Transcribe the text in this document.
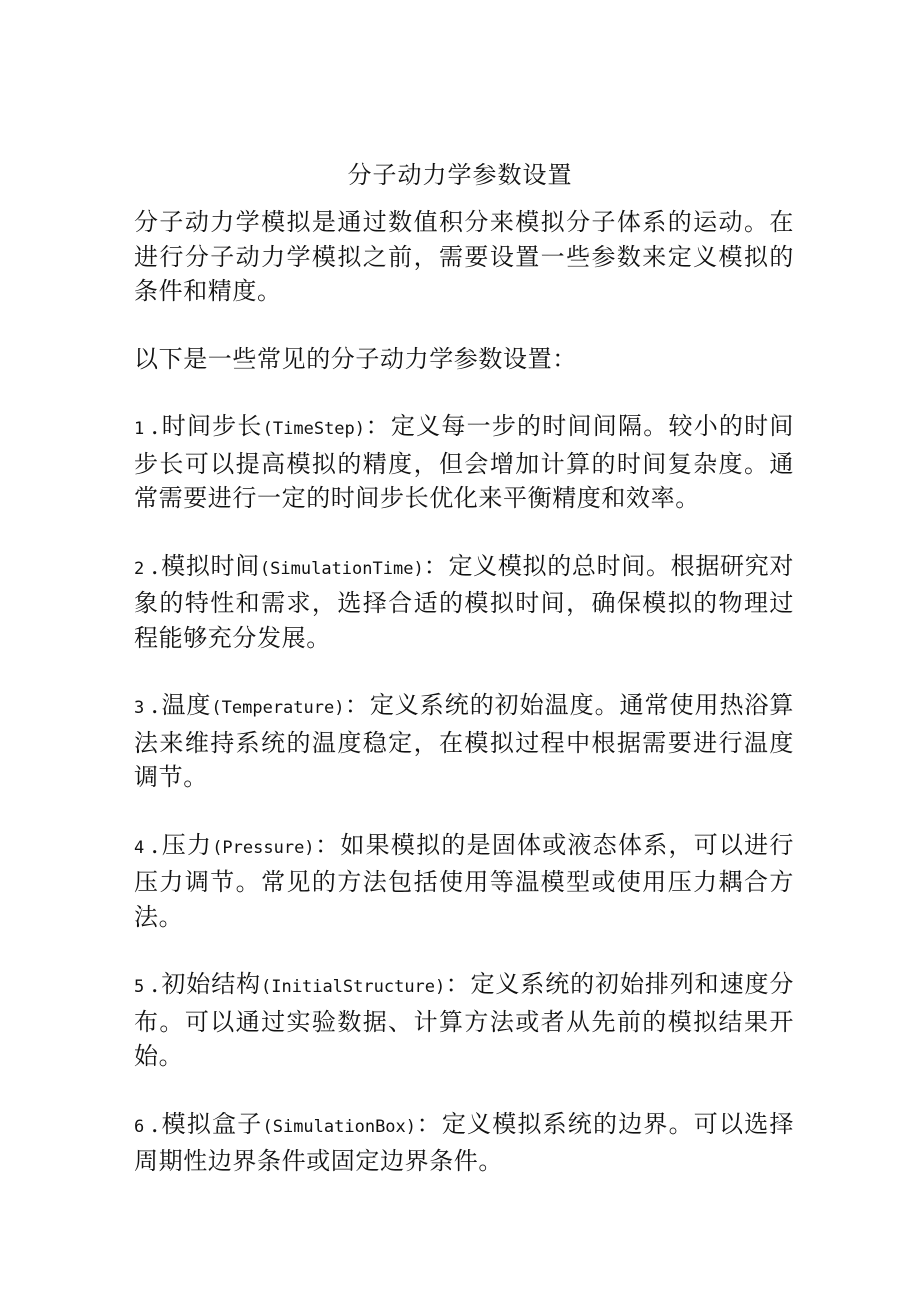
分子动力学参数设置

分子动力学模拟是通过数值积分来模拟分子体系的运动。在进行分子动力学模拟之前，需要设置一些参数来定义模拟的条件和精度。

以下是一些常见的分子动力学参数设置：

1 .时间步长(TimeStep)：定义每一步的时间间隔。较小的时间步长可以提高模拟的精度，但会增加计算的时间复杂度。通常需要进行一定的时间步长优化来平衡精度和效率。

2 .模拟时间(SimulationTime)：定义模拟的总时间。根据研究对象的特性和需求，选择合适的模拟时间，确保模拟的物理过程能够充分发展。

3 .温度(Temperature)：定义系统的初始温度。通常使用热浴算法来维持系统的温度稳定，在模拟过程中根据需要进行温度调节。

4 .压力(Pressure)：如果模拟的是固体或液态体系，可以进行压力调节。常见的方法包括使用等温模型或使用压力耦合方法。

5 .初始结构(InitialStructure)：定义系统的初始排列和速度分布。可以通过实验数据、计算方法或者从先前的模拟结果开始。

6 .模拟盒子(SimulationBox)：定义模拟系统的边界。可以选择周期性边界条件或固定边界条件。
